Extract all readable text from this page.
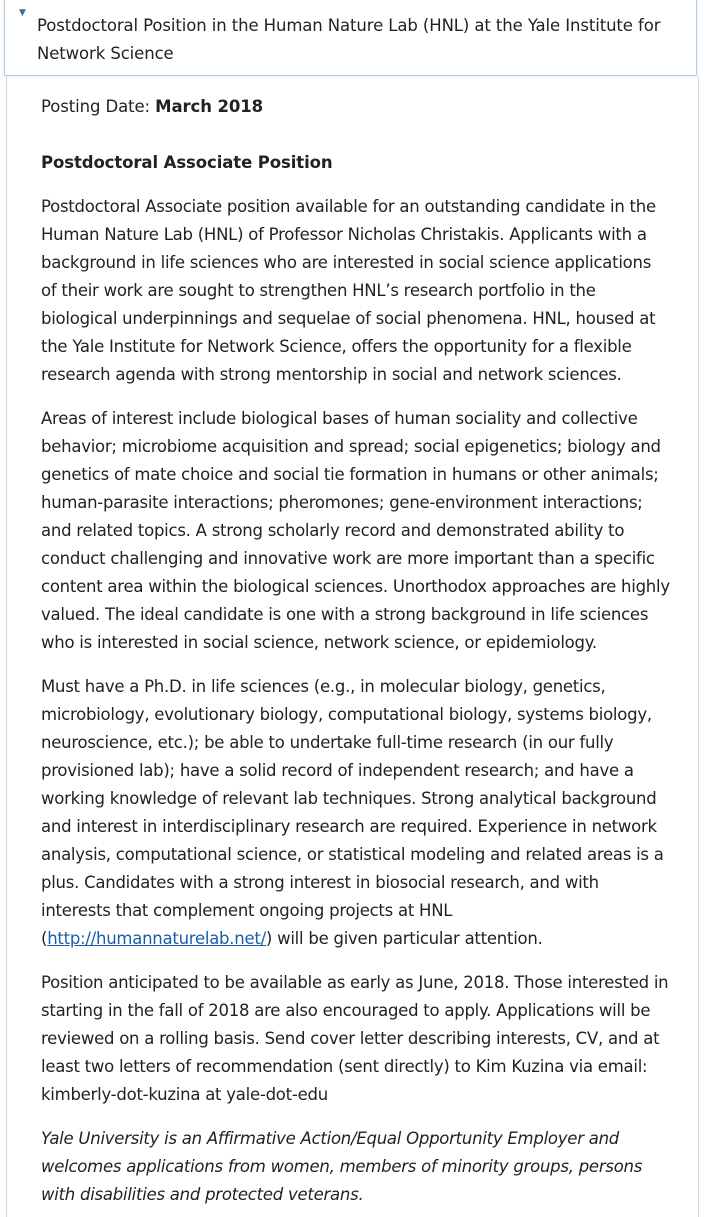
▼
Postdoctoral Position in the Human Nature Lab (HNL) at the Yale Institute for Network Science

Posting Date: March 2018

Postdoctoral Associate Position

Postdoctoral Associate position available for an outstanding candidate in the Human Nature Lab (HNL) of Professor Nicholas Christakis. Applicants with a background in life sciences who are interested in social science applications of their work are sought to strengthen HNL’s research portfolio in the biological underpinnings and sequelae of social phenomena. HNL, housed at the Yale Institute for Network Science, offers the opportunity for a flexible research agenda with strong mentorship in social and network sciences.

Areas of interest include biological bases of human sociality and collective behavior; microbiome acquisition and spread; social epigenetics; biology and genetics of mate choice and social tie formation in humans or other animals; human-parasite interactions; pheromones; gene-environment interactions; and related topics. A strong scholarly record and demonstrated ability to conduct challenging and innovative work are more important than a specific content area within the biological sciences. Unorthodox approaches are highly valued. The ideal candidate is one with a strong background in life sciences who is interested in social science, network science, or epidemiology.

Must have a Ph.D. in life sciences (e.g., in molecular biology, genetics, microbiology, evolutionary biology, computational biology, systems biology, neuroscience, etc.); be able to undertake full-time research (in our fully provisioned lab); have a solid record of independent research; and have a working knowledge of relevant lab techniques. Strong analytical background and interest in interdisciplinary research are required. Experience in network analysis, computational science, or statistical modeling and related areas is a plus. Candidates with a strong interest in biosocial research, and with interests that complement ongoing projects at HNL (http://humannaturelab.net/) will be given particular attention.

Position anticipated to be available as early as June, 2018. Those interested in starting in the fall of 2018 are also encouraged to apply. Applications will be reviewed on a rolling basis. Send cover letter describing interests, CV, and at least two letters of recommendation (sent directly) to Kim Kuzina via email: kimberly-dot-kuzina at yale-dot-edu

Yale University is an Affirmative Action/Equal Opportunity Employer and welcomes applications from women, members of minority groups, persons with disabilities and protected veterans.
